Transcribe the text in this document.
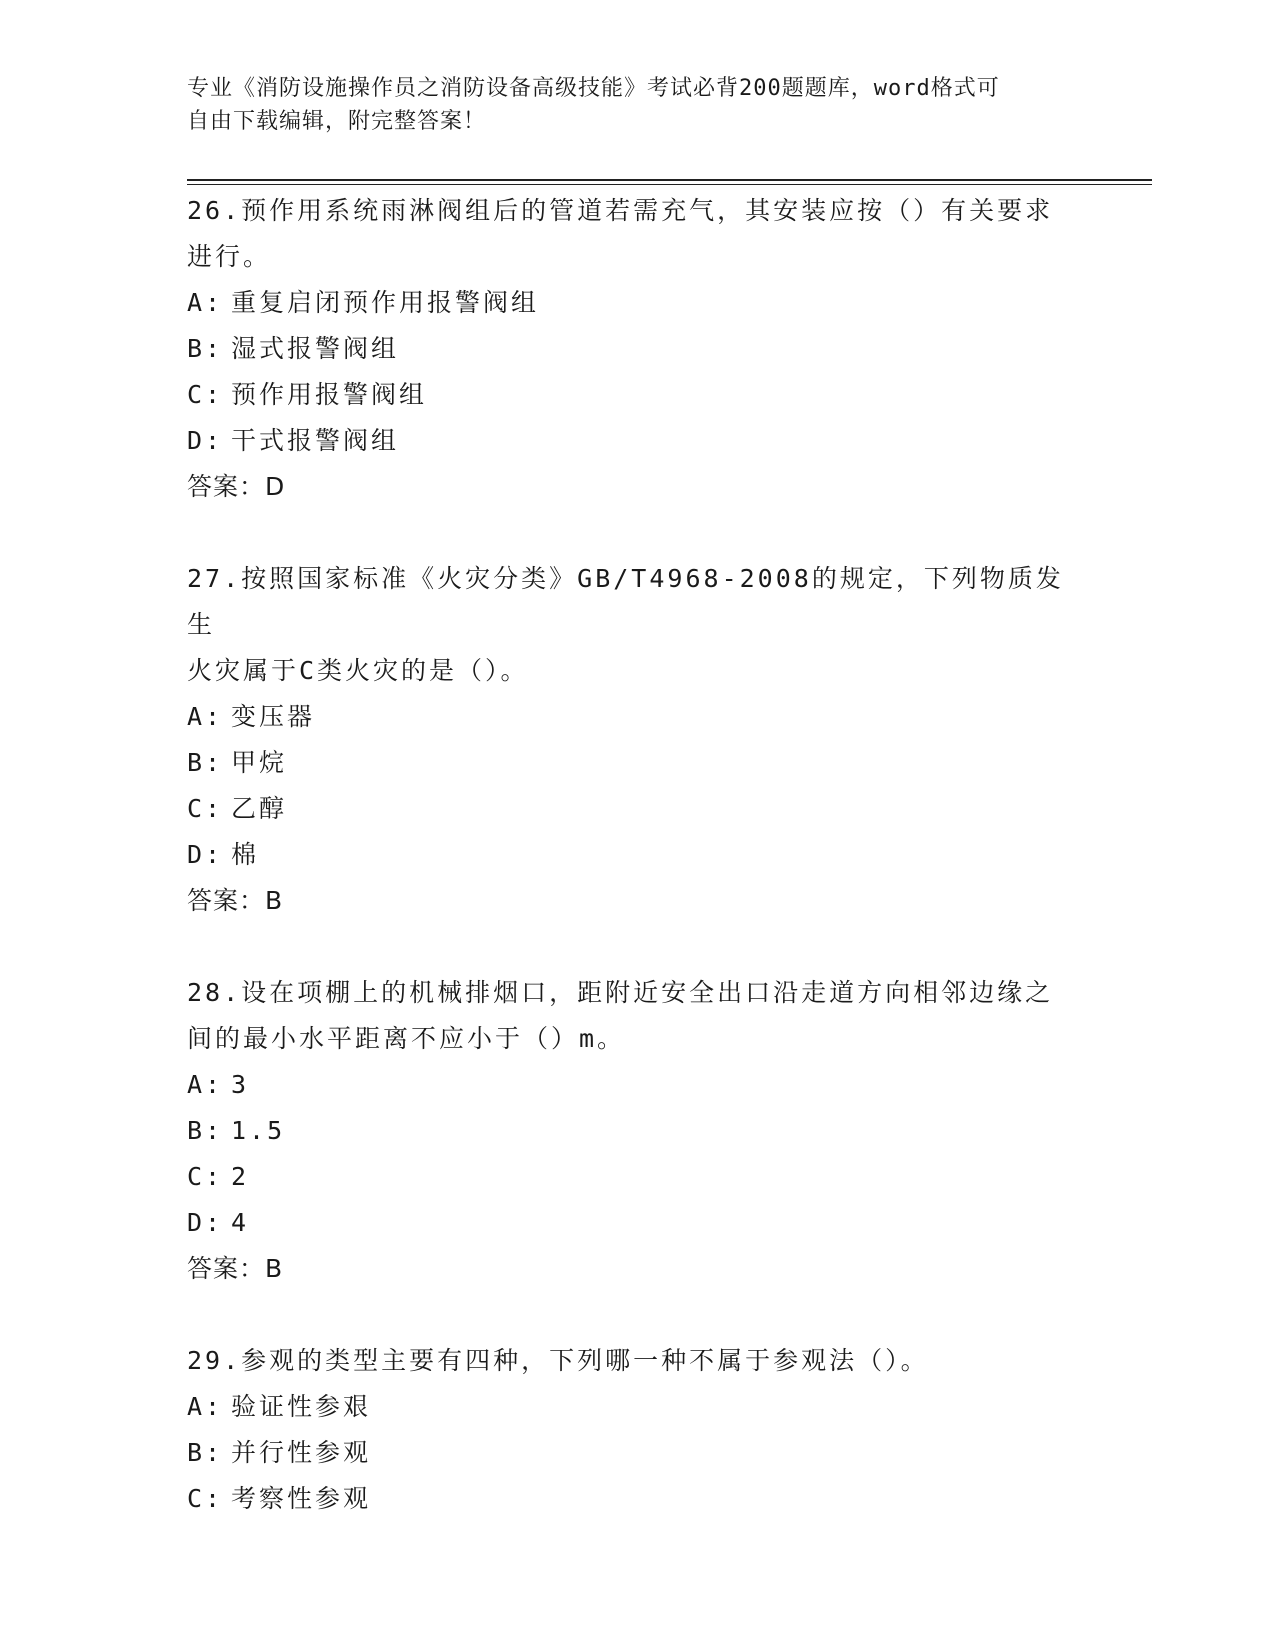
专业《消防设施操作员之消防设备高级技能》考试必背200题题库，word格式可
自由下载编辑，附完整答案！
26.预作用系统雨淋阀组后的管道若需充气，其安装应按（）有关要求
进行。
A: 重复启闭预作用报警阀组
B: 湿式报警阀组
C: 预作用报警阀组
D: 干式报警阀组
答案：D
27.按照国家标准《火灾分类》GB/T4968-2008的规定，下列物质发生
火灾属于C类火灾的是（）。
A: 变压器
B: 甲烷
C: 乙醇
D: 棉
答案：B
28.设在项棚上的机械排烟口，距附近安全出口沿走道方向相邻边缘之
间的最小水平距离不应小于（）m。
A: 3
B: 1.5
C: 2
D: 4
答案：B
29.参观的类型主要有四种，下列哪一种不属于参观法（）。
A: 验证性参艰
B: 并行性参观
C: 考察性参观
